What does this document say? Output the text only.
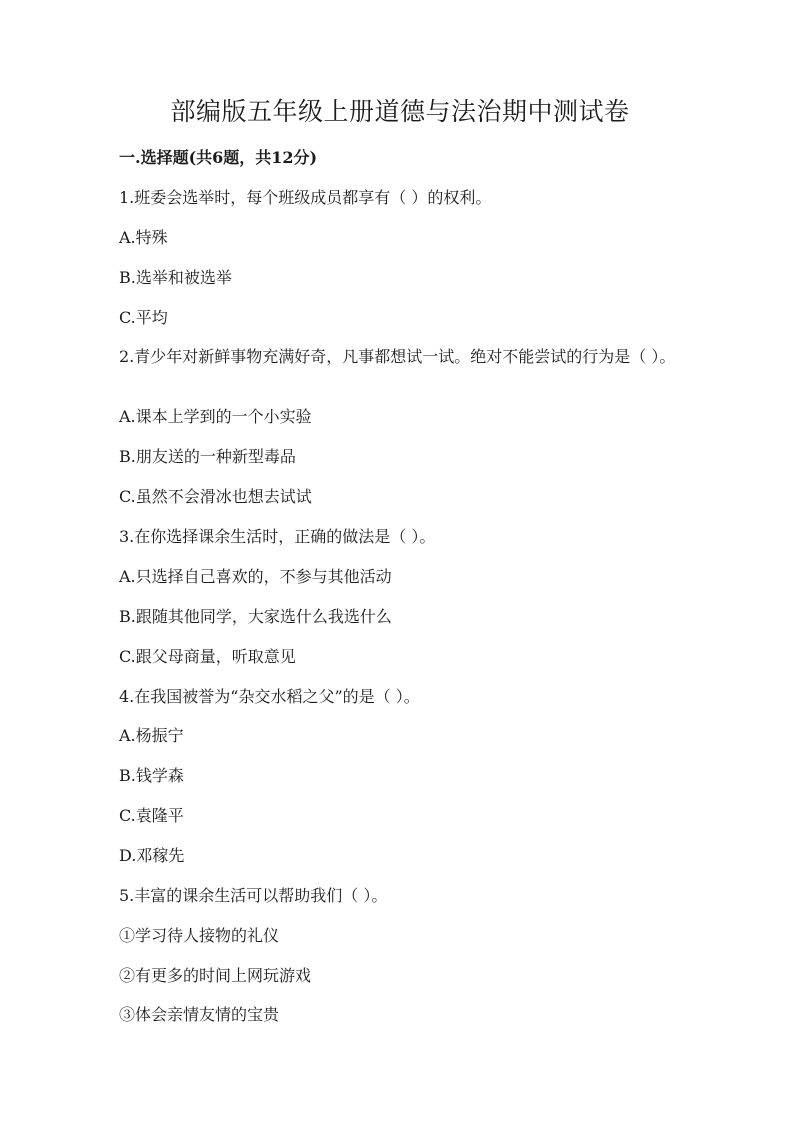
部编版五年级上册道德与法治期中测试卷
一.选择题(共6题，共12分)
1.班委会选举时，每个班级成员都享有（ ）的权利。
A.特殊
B.选举和被选举
C.平均
2.青少年对新鲜事物充满好奇，凡事都想试一试。绝对不能尝试的行为是（ ）。
A.课本上学到的一个小实验
B.朋友送的一种新型毒品
C.虽然不会滑冰也想去试试
3.在你选择课余生活时，正确的做法是（ ）。
A.只选择自己喜欢的，不参与其他活动
B.跟随其他同学，大家选什么我选什么
C.跟父母商量，听取意见
4.在我国被誉为“杂交水稻之父”的是（ ）。
A.杨振宁
B.钱学森
C.袁隆平
D.邓稼先
5.丰富的课余生活可以帮助我们（ ）。
①学习待人接物的礼仪
②有更多的时间上网玩游戏
③体会亲情友情的宝贵
